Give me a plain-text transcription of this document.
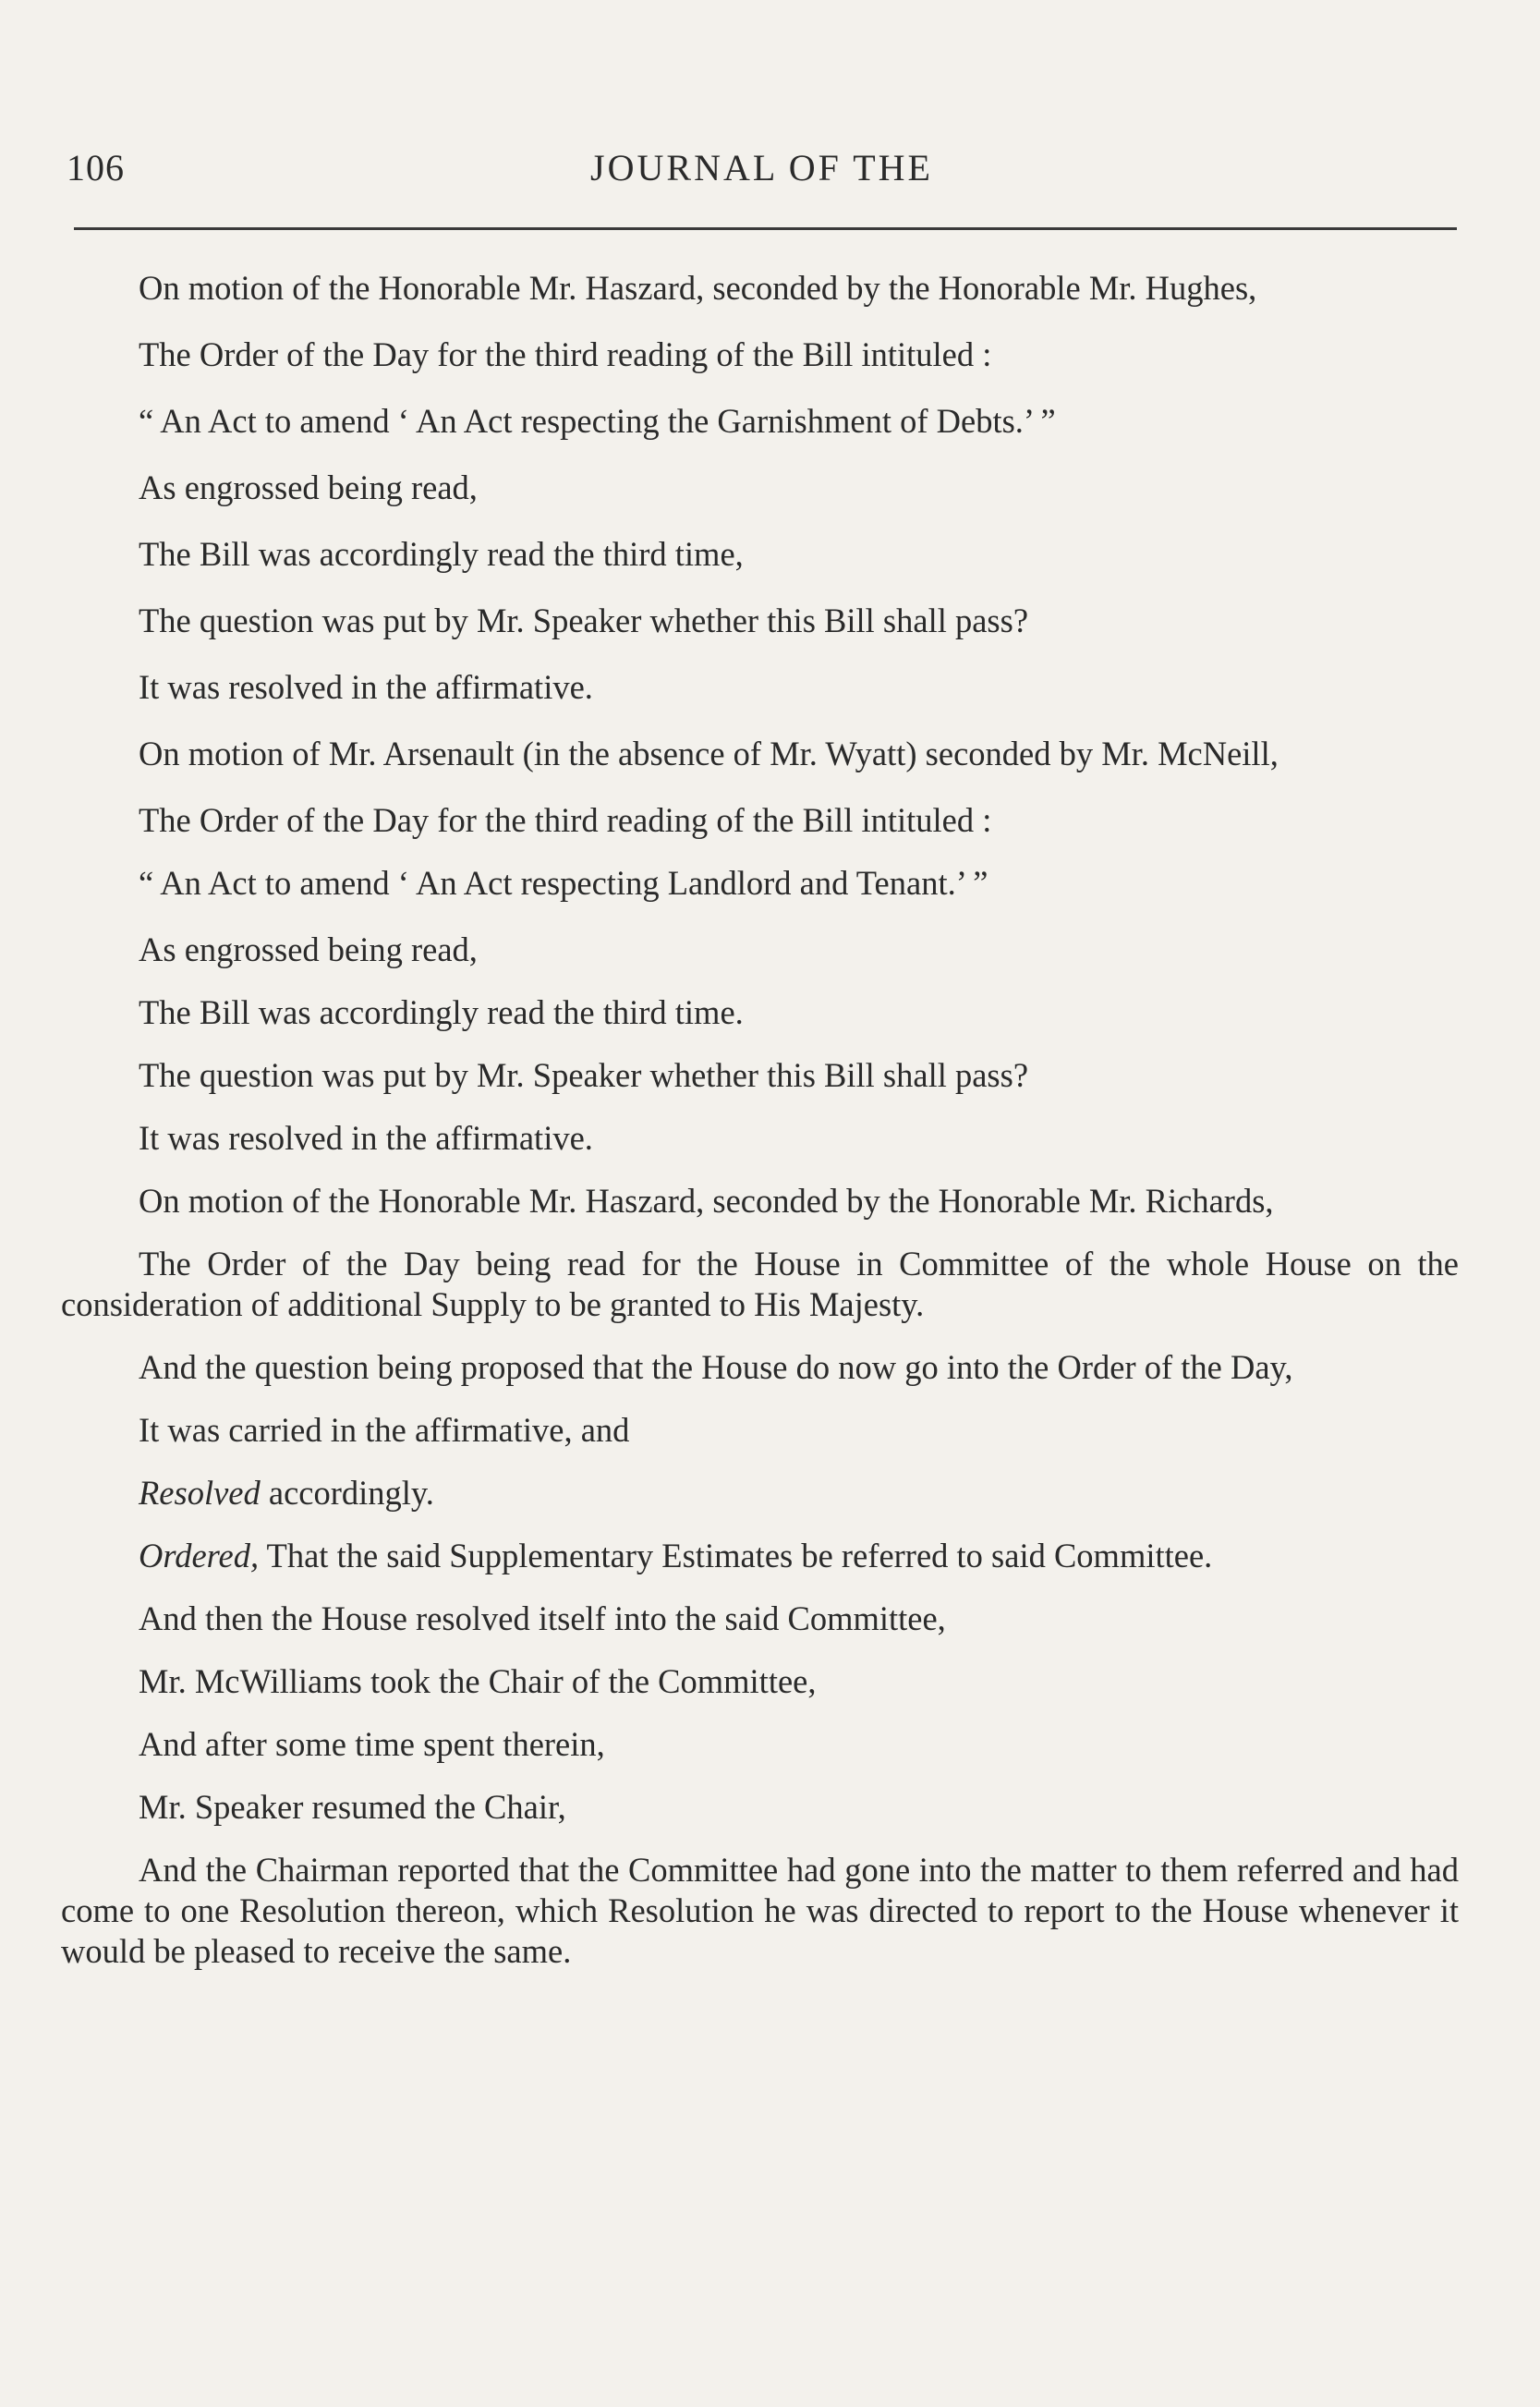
106	JOURNAL OF THE

On motion of the Honorable Mr. Haszard, seconded by the Honorable Mr. Hughes,

The Order of the Day for the third reading of the Bill intituled :

“ An Act to amend ‘ An Act respecting the Garnishment of Debts.’ ”

As engrossed being read,

The Bill was accordingly read the third time,

The question was put by Mr. Speaker whether this Bill shall pass?

It was resolved in the affirmative.

On motion of Mr. Arsenault (in the absence of Mr. Wyatt) seconded by Mr. McNeill,

The Order of the Day for the third reading of the Bill intituled :

“ An Act to amend ‘ An Act respecting Landlord and Tenant.’ ”

As engrossed being read,

The Bill was accordingly read the third time.

The question was put by Mr. Speaker whether this Bill shall pass?

It was resolved in the affirmative.

On motion of the Honorable Mr. Haszard, seconded by the Honorable Mr. Richards,

The Order of the Day being read for the House in Committee of the whole House on the consideration of additional Supply to be granted to His Majesty.

And the question being proposed that the House do now go into the Order of the Day,

It was carried in the affirmative, and

Resolved accordingly.

Ordered, That the said Supplementary Estimates be referred to said Committee.

And then the House resolved itself into the said Committee,

Mr. McWilliams took the Chair of the Committee,

And after some time spent therein,

Mr. Speaker resumed the Chair,

And the Chairman reported that the Committee had gone into the matter to them referred and had come to one Resolution thereon, which Resolution he was directed to report to the House whenever it would be pleased to receive the same.
